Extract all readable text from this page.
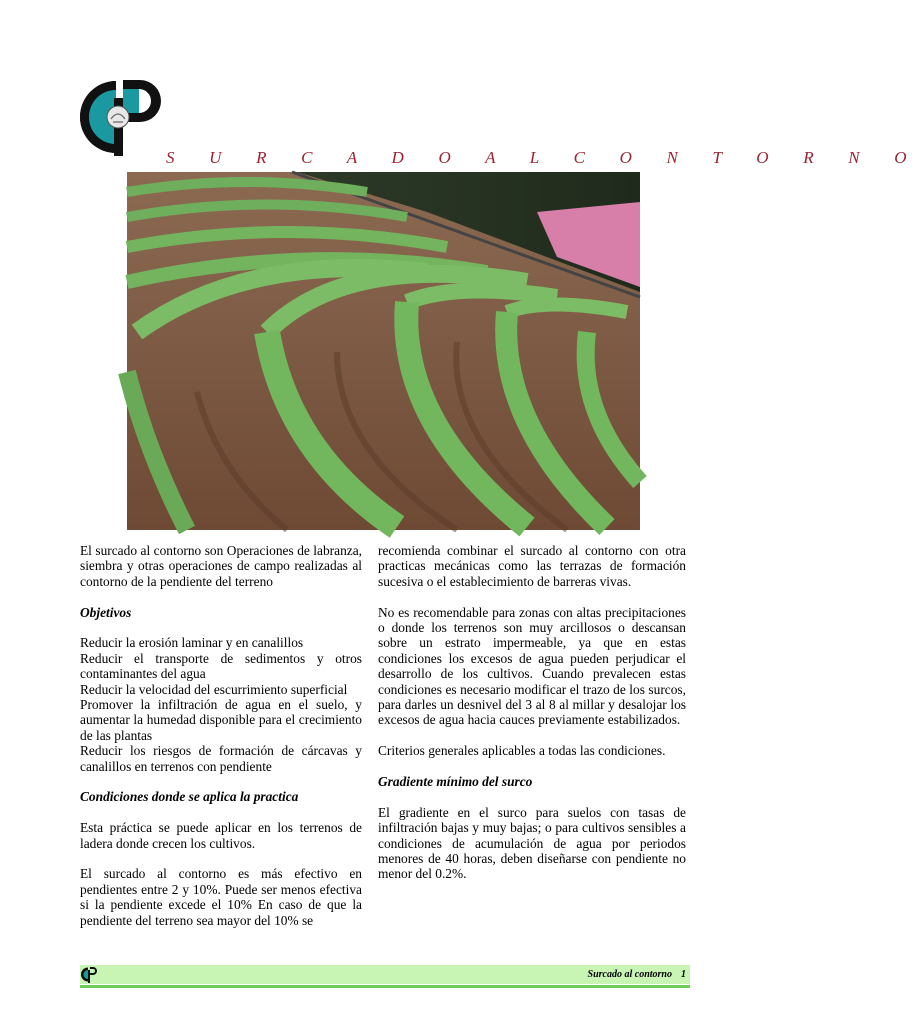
S U R C A D O A L C O N T O R N O

El surcado al contorno son Operaciones de labranza, siembra y otras operaciones de campo realizadas al contorno de la pendiente del terreno

Objetivos

Reducir la erosión laminar y en canalillos

Reducir el transporte de sedimentos y otros contaminantes del agua

Reducir la velocidad del escurrimiento superficial

Promover la infiltración de agua en el suelo, y aumentar la humedad disponible para el crecimiento de las plantas

Reducir los riesgos de formación de cárcavas y canalillos en terrenos con pendiente

Condiciones donde se aplica la practica

Esta práctica se puede aplicar en los terrenos de ladera donde crecen los cultivos.

El surcado al contorno es más efectivo en pendientes entre 2 y 10%. Puede ser menos efectiva si la pendiente excede el 10% En caso de que la pendiente del terreno sea mayor del 10% se

recomienda combinar el surcado al contorno con otra practicas mecánicas como las terrazas de formación sucesiva o el establecimiento de barreras vivas.

No es recomendable para zonas con altas precipitaciones o donde los terrenos son muy arcillosos o descansan sobre un estrato impermeable, ya que en estas condiciones los excesos de agua pueden perjudicar el desarrollo de los cultivos. Cuando prevalecen estas condiciones es necesario modificar el trazo de los surcos, para darles un desnivel del 3 al 8 al millar y desalojar los excesos de agua hacia cauces previamente estabilizados.

Criterios generales aplicables a todas las condiciones.

Gradiente mínimo del surco

El gradiente en el surco para suelos con tasas de infiltración bajas y muy bajas; o para cultivos sensibles a condiciones de acumulación de agua por periodos menores de 40 horas, deben diseñarse con pendiente no menor del 0.2%.

Surcado al contorno 1
